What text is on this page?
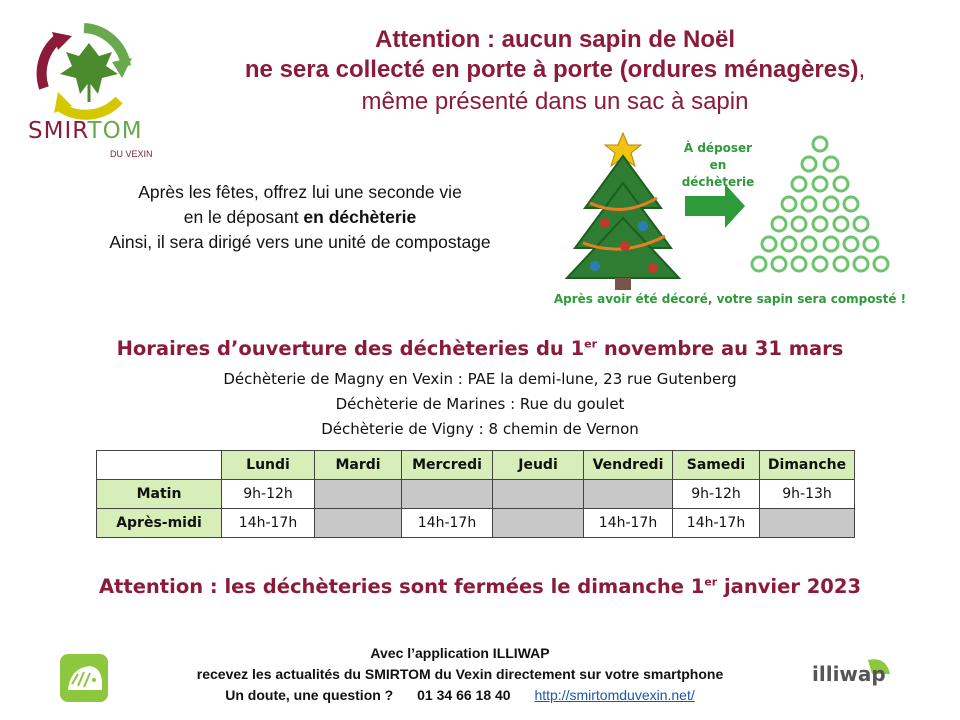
SMIRTOM
DU VEXIN
Attention : aucun sapin de Noël
ne sera collecté en porte à porte (ordures ménagères),
même présenté dans un sac à sapin
Après les fêtes, offrez lui une seconde vie
en le déposant en déchèterie
Ainsi, il sera dirigé vers une unité de compostage
À déposer
en déchèterie
Après avoir été décoré, votre sapin sera composté !
Horaires d’ouverture des déchèteries du 1er novembre au 31 mars
Déchèterie de Magny en Vexin : PAE la demi-lune, 23 rue Gutenberg
Déchèterie de Marines : Rue du goulet
Déchèterie de Vigny : 8 chemin de Vernon
	Lundi	Mardi	Mercredi	Jeudi	Vendredi	Samedi	Dimanche
Matin	9h-12h					9h-12h	9h-13h
Après-midi	14h-17h		14h-17h		14h-17h	14h-17h	
Attention : les déchèteries sont fermées le dimanche 1er janvier 2023
Avec l’application ILLIWAP
recevez les actualités du SMIRTOM du Vexin directement sur votre smartphone
Un doute, une question ? 01 34 66 18 40 http://smirtomduvexin.net/
illiwap
